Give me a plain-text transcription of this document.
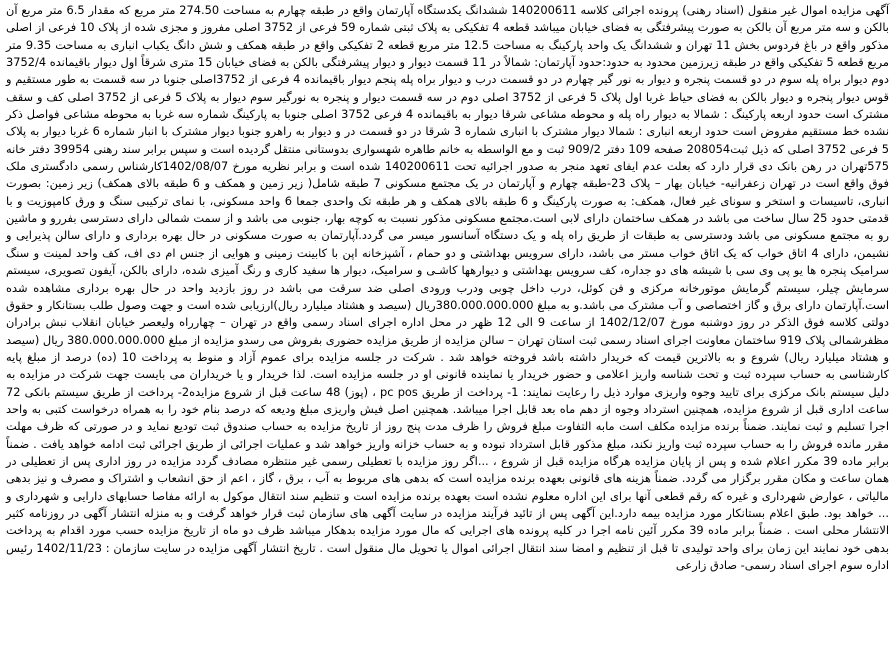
آگهی مزایده اموال غیر منقول (اسناد رهنی) پرونده اجرائی کلاسه 140200611 ششدانگ یکدستگاه آپارتمان واقع در طبقه چهارم به مساحت 274.50 متر مربع که مقدار 6.5 متر مربع آن بالکن و سه متر مربع آن بالکن به صورت پیشرفتگی به فضای خیابان میباشد قطعه 4 تفکیکی به پلاک ثبتی شماره 59 فرعی از 3752 اصلی مفروز و مجزی شده از پلاک 10 فرعی از اصلی مذکور واقع در باغ فردوس بخش 11 تهران و ششدانگ یک واحد پارکینگ به مساحت 12.5 متر مربع قطعه 2 تفکیکی واقع در طبقه همکف و شش دانگ یکباب انباری به مساحت 9.35 متر مربع قطعه 5 تفکیکی واقع در طبقه زیرزمین محدود به حدود:حدود آپارتمان: شمالاً در 11 قسمت دیوار و دیوار پیشرفتگی بالکن به فضای خیابان 15 متری شرقاً اول دیوار باقیمانده 3752/4 دوم دیوار براه پله سوم در دو قسمت پنجره و دیوار به نور گیر چهارم در دو قسمت درب و دیوار براه پله پنجم دیوار باقیمانده 4 فرعی از 3752اصلی جنوبا در سه قسمت به طور مستقیم و قوس دیوار پنجره و دیوار بالکن به فضای حیاط غربا اول پلاک 5 فرعی از 3752 اصلی دوم در سه قسمت دیوار و پنجره به نورگیر سوم دیوار به پلاک 5 فرعی از 3752 اصلی کف و سقف مشترک است حدود اربعه پارکینگ : شمالا به دیوار راه پله و محوطه مشاعی شرقا دیوار به باقیمانده 4 فرعی 3752 اصلی جنوبا به پارکینگ شماره سه غربا به محوطه مشاعی فواصل ذکر نشده خط مستقیم مفروض است حدود اربعه انباری : شمالا دیوار مشترک با انباری شماره 3 شرقا در دو قسمت در و دیوار به راهرو جنوبا دیوار مشترک با انبار شماره 6 غربا دیوار به پلاک 5 فرعی 3752 اصلی که ذیل ثبت208054 صفحه 109 دفتر 909/2 ثبت و مع الواسطه به خانم طاهره شهسواری بدوستانی منتقل گردیده است و سپس برابر سند رهنی 39954 دفتر خانه 575تهران در رهن بانک دی قرار دارد که بعلت عدم ایفای تعهد منجر به صدور اجرائیه تحت 140200611 شده است و برابر نظریه مورخ 1402/08/07کارشناس رسمی دادگستری ملک فوق واقع است در تهران زعفرانیه- خیابان بهار – پلاک 23-طبقه چهارم و آپارتمان در یک مجتمع مسکونی 7 طبقه شامل( زیر زمین و همکف و 6 طبقه بالای همکف) زیر زمین: بصورت انباری، تاسیسات و استخر و سونای غیر فعال، همکف: به صورت پارکینگ و 6 طبقه بالای همکف و هر طبقه تک واحدی جمعا 6 واحد مسکونی، با نمای ترکیبی سنگ و ورق کامپوزیت و با قدمتی حدود 25 سال ساخت می باشد در همکف ساختمان دارای لابی است.مجتمع مسکونی مذکور نسبت به کوچه بهار، جنوبی می باشد و از سمت شمالی دارای دسترسی بفررو و ماشین رو به مجتمع مسکونی می باشد ودسترسی به طبقات از طریق راه پله و یک دستگاه آسانسور میسر می گردد.آپارتمان به صورت مسکونی در حال بهره برداری و دارای سالن پذیرایی و نشیمن، دارای 4 اتاق خواب که یک اتاق خواب مستر می باشد، دارای سرویس بهداشتی و دو حمام ، آشپزخانه اپن با کابینت زمینی و هوایی از جنس ام دی اف، کف واحد لمینت و سنگ سرامیک پنجره ها یو پی وی سی با شیشه های دو جداره، کف سرویس بهداشتی و دیوارهها کاشـی و سرامیک، دیوار ها سفید کاری و رنگ آمیزی شده، دارای بالکن، آیفون تصویری، سیستم سرمایش چیلر، سیستم گرمایش موتورخانه مرکزی و فن کوئل، درب داخل چوبی ودرب ورودی اصلی ضد سرقت می باشد در روز بازدید واحد در حال بهره برداری مشاهده شده است.آپارتمان دارای برق و گاز اختصاصی و آب مشترک می باشد.و به مبلغ 380.000.000.000ریال (سیصد و هشتاد میلیارد ریال)ارزیابی شده است و جهت وصول طلب بستانکار و حقوق دولتی کلاسه فوق الذکر در روز دوشنبه مورخ 1402/12/07 از ساعت 9 الی 12 ظهر در محل اداره اجرای اسناد رسمی واقع در تهران – چهارراه ولیعصر خیابان انقلاب نبش برادران مظفرشمالی پلاک 919 ساختمان معاونت اجرای اسناد رسمی ثبت استان تهران – سالن مزایده از طریق مزایده حضوری بفروش می رسدو مزایده از مبلغ 380.000.000.000 ریال (سیصد و هشتاد میلیارد ریال) شروع و به بالاترین قیمت که خریدار داشته باشد فروخته خواهد شد . شرکت در جلسه مزایده برای عموم آزاد و منوط به پرداخت 10 (ده) درصد از مبلغ پایه کارشناسی به حساب سپرده ثبت و تحت شناسه واریز اعلامی و حضور خریدار یا نماینده قانونی او در جلسه مزایده است. لذا خریدار و یا خریداران می بایست جهت شرکت در مزایده به دلیل سیستم بانک مرکزی برای تایید وجوه واریزی موارد ذیل را رعایت نمایند: 1- پرداخت از طریق pc pos ، (پوز) 48 ساعت قبل از شروع مزایده2- پرداخت از طریق سیستم بانکی 72 ساعت اداری قبل از شروع مزایده، همچنین استرداد وجوه از دهم ماه بعد قابل اجرا میباشد. همچنین اصل فیش واریزی مبلغ ودیعه که درصد بنام خود را به همراه درخواست کتبی به واحد اجرا تسلیم و ثبت نمایند. ضمناً برنده مزایده مکلف است مابه التفاوت مبلغ فروش را ظرف مدت پنج روز از تاریخ مزایده به حساب صندوق ثبت تودیع نماید و در صورتی که ظرف مهلت مقرر مانده فروش را به حساب سپرده ثبت واریز نکند، مبلغ مذکور قابل استرداد نبوده و به حساب خزانه واریز خواهد شد و عملیات اجرائی از طریق اجرائی ثبت ادامه خواهد یافت . ضمناً برابر ماده 39 مکرر اعلام شده و پس از پایان مزایده هرگاه مزایده قبل از شروع ، ...اگر روز مزایده با تعطیلی رسمی غیر منتظره مصادف گردد مزایده در روز اداری پس از تعطیلی در همان ساعت و مکان مقرر برگزار می گردد. ضمناً هزینه های قانونی بعهده برنده مزایده است که بدهی های مربوط به آب ، برق ، گاز ، اعم از حق انشعاب و اشتراک و مصرف و نیز بدهی مالیاتی ، عوارض شهرداری و غیره که رقم قطعی آنها برای این اداره معلوم نشده است بعهده برنده مزایده است و تنظیم سند انتقال موکول به ارائه مفاصا حسابهای دارایی و شهرداری و ... خواهد بود. طبق اعلام بستانکار مورد مزایده بیمه دارد.این آگهی پس از تائید فرآیند مزایده در سایت آگهی های سازمان ثبت قرار خواهد گرفت و به منزله انتشار آگهی در روزنامه کثیر الانتشار محلی است . ضمناً برابر ماده 39 مکرر آئین نامه اجرا در کلیه پرونده های اجرایی که مال مورد مزایده بدهکار میباشد ظرف دو ماه از تاریخ مزایده حسب مورد اقدام به پرداخت بدهی خود نمایند این زمان برای واحد تولیدی تا قبل از تنظیم و امضا سند انتقال اجرائی اموال یا تحویل مال منقول است . تاریخ انتشار آگهی مزایده در سایت سازمان : 1402/11/23 رئیس اداره سوم اجرای اسناد رسمی- صادق زارعی
